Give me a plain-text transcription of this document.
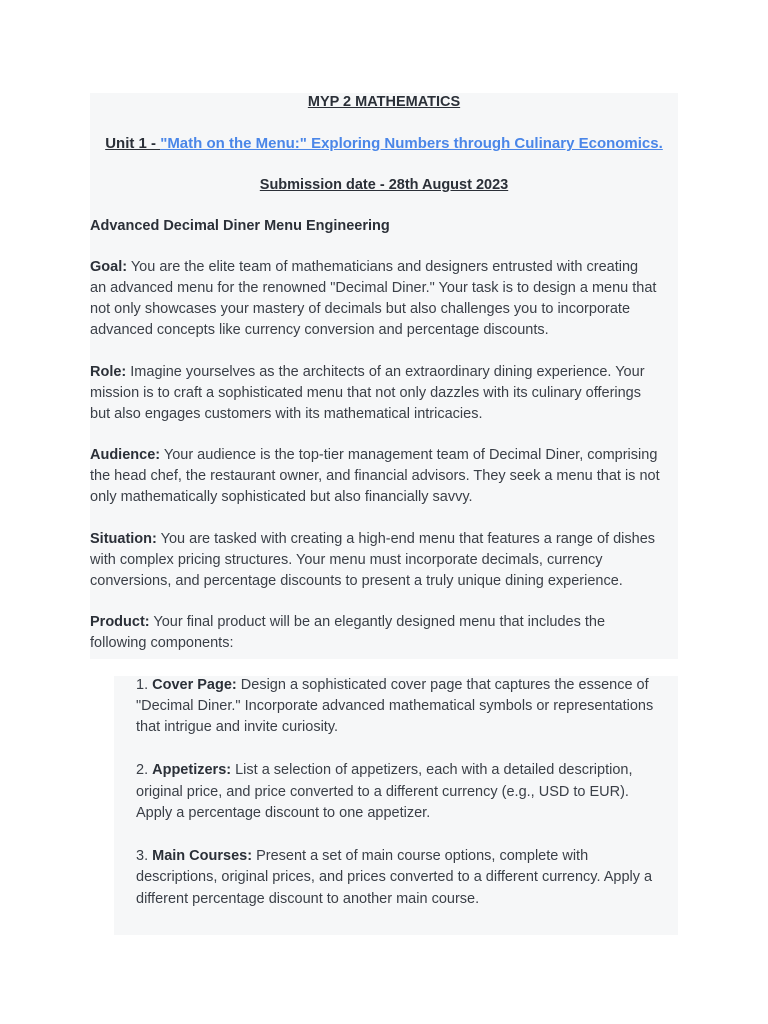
MYP 2 MATHEMATICS
Unit 1 - "Math on the Menu:" Exploring Numbers through Culinary Economics.
Submission date - 28th August 2023
Advanced Decimal Diner Menu Engineering
Goal: You are the elite team of mathematicians and designers entrusted with creating
an advanced menu for the renowned "Decimal Diner." Your task is to design a menu that
not only showcases your mastery of decimals but also challenges you to incorporate
advanced concepts like currency conversion and percentage discounts.
Role: Imagine yourselves as the architects of an extraordinary dining experience. Your
mission is to craft a sophisticated menu that not only dazzles with its culinary offerings
but also engages customers with its mathematical intricacies.
Audience: Your audience is the top-tier management team of Decimal Diner, comprising
the head chef, the restaurant owner, and financial advisors. They seek a menu that is not
only mathematically sophisticated but also financially savvy.
Situation: You are tasked with creating a high-end menu that features a range of dishes
with complex pricing structures. Your menu must incorporate decimals, currency
conversions, and percentage discounts to present a truly unique dining experience.
Product: Your final product will be an elegantly designed menu that includes the
following components:
1. Cover Page: Design a sophisticated cover page that captures the essence of
"Decimal Diner." Incorporate advanced mathematical symbols or representations
that intrigue and invite curiosity.
2. Appetizers: List a selection of appetizers, each with a detailed description,
original price, and price converted to a different currency (e.g., USD to EUR).
Apply a percentage discount to one appetizer.
3. Main Courses: Present a set of main course options, complete with
descriptions, original prices, and prices converted to a different currency. Apply a
different percentage discount to another main course.
